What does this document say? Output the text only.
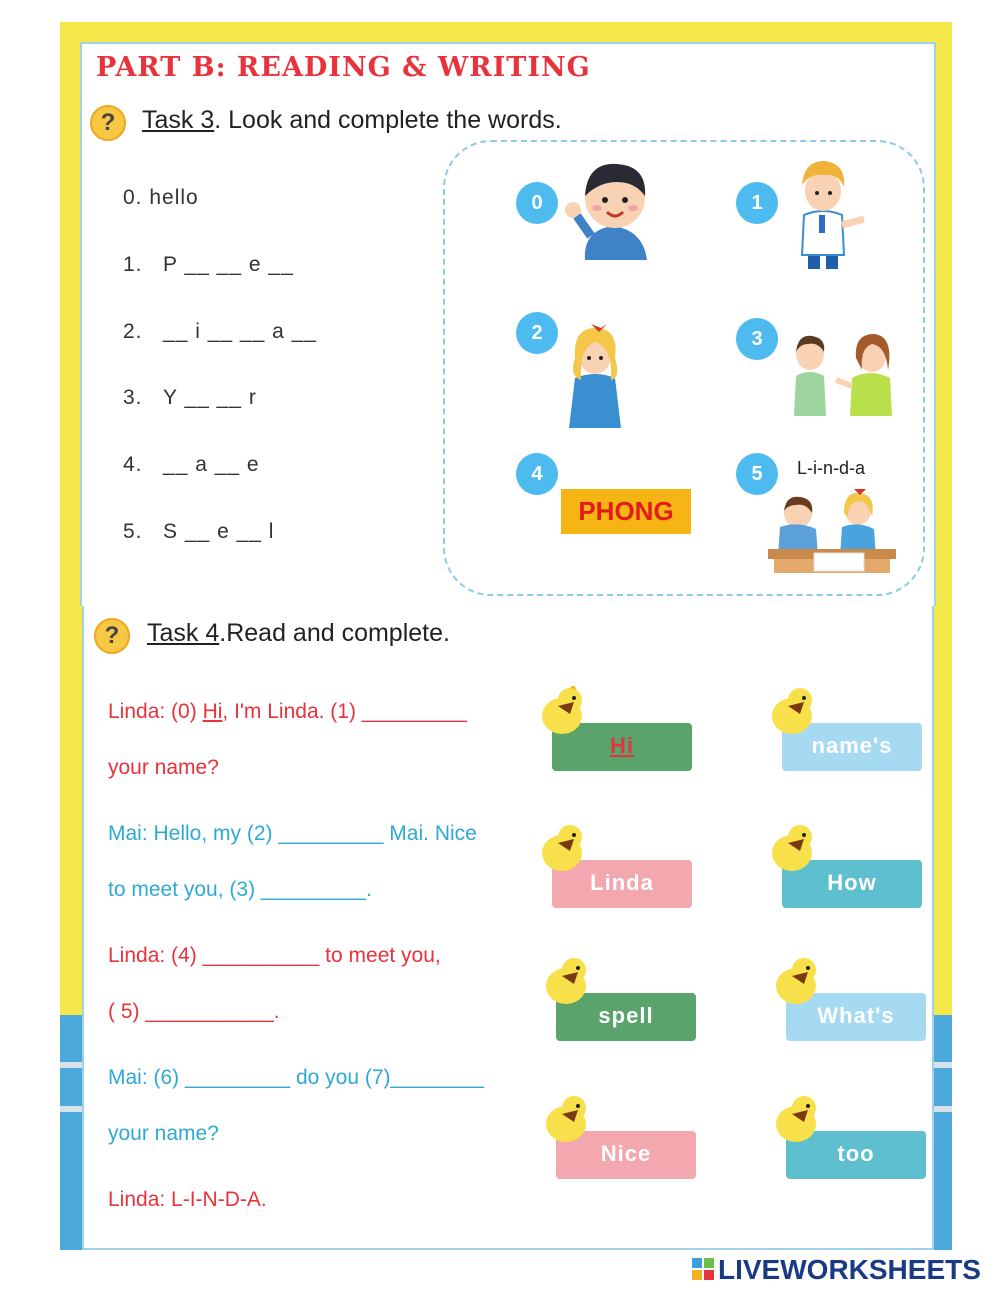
PART B: READING & WRITING
?	Task 3. Look and complete the words.
0. hello
1. P __ __ e __
2. __ i __ __ a __
3. Y __ __ r
4. __ a __ e
5. S __ e __ l
0	1
2	3
4	5
PHONG
L-i-n-d-a
?	Task 4.Read and complete.
Linda: (0) Hi, I'm Linda. (1) _________
your name?
Mai: Hello, my (2) _________ Mai. Nice
to meet you, (3) _________.
Linda: (4) __________ to meet you,
( 5) ___________.
Mai: (6) _________ do you (7)________
your name?
Linda: L-I-N-D-A.
Hi	name's
Linda	How
spell	What's
Nice	too
LIVEWORKSHEETS
